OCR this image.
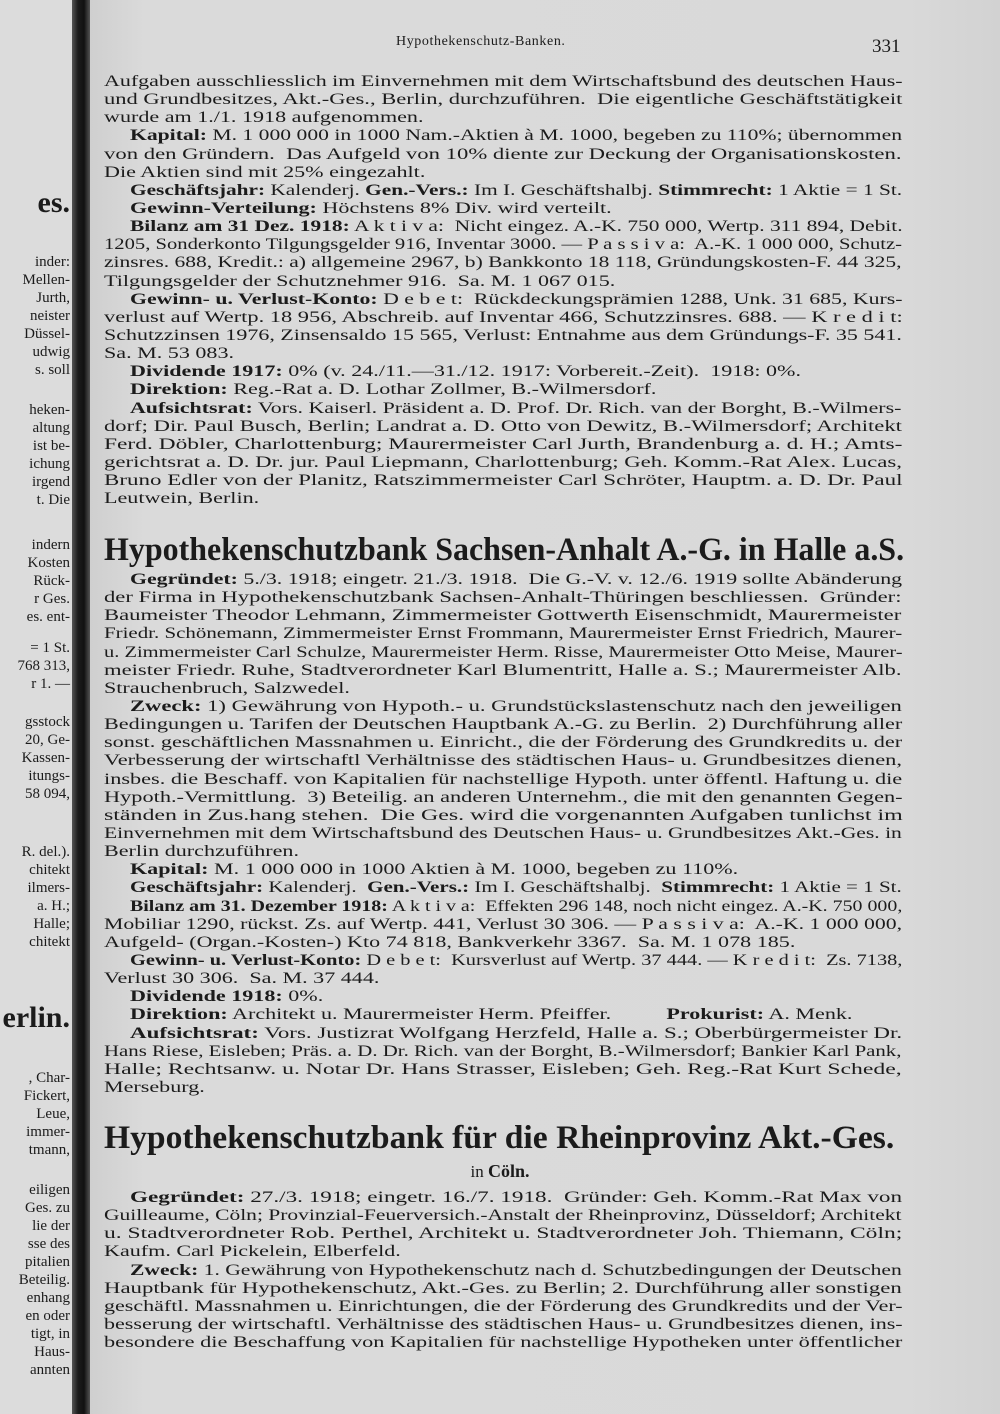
es.
inder:
Mellen-
Jurth,
neister
Düssel-
udwig
s. soll
heken-
altung
ist be-
ichung
irgend
t. Die
indern
Kosten
Rück-
r Ges.
es. ent-
= 1 St.
768 313,
r 1. —
gsstock
20, Ge-
Kassen-
itungs-
58 094,
R. del.).
chitekt
ilmers-
a. H.;
Halle;
chitekt
erlin.
, Char-
Fickert,
Leue,
immer-
tmann,
eiligen
Ges. zu
lie der
sse des
pitalien
Beteilig.
enhang
en oder
tigt, in
Haus-
annten
Hypothekenschutz-Banken.	331
Aufgaben ausschliesslich im Einvernehmen mit dem Wirtschaftsbund des deutschen Haus-
und Grundbesitzes, Akt.-Ges., Berlin, durchzuführen.  Die eigentliche Geschäftstätigkeit
wurde am 1./1. 1918 aufgenommen.
Kapital: M. 1 000 000 in 1000 Nam.-Aktien à M. 1000, begeben zu 110%; übernommen
von den Gründern.  Das Aufgeld von 10% diente zur Deckung der Organisationskosten.
Die Aktien sind mit 25% eingezahlt.
Geschäftsjahr: Kalenderj. Gen.-Vers.: Im I. Geschäftshalbj. Stimmrecht: 1 Aktie = 1 St.
Gewinn-Verteilung: Höchstens 8% Div. wird verteilt.
Bilanz am 31 Dez. 1918: A k t i v a:  Nicht eingez. A.-K. 750 000, Wertp. 311 894, Debit.
1205, Sonderkonto Tilgungsgelder 916, Inventar 3000. — P a s s i v a:  A.-K. 1 000 000, Schutz-
zinsres. 688, Kredit.: a) allgemeine 2967, b) Bankkonto 18 118, Gründungskosten-F. 44 325,
Tilgungsgelder der Schutznehmer 916.  Sa. M. 1 067 015.
Gewinn- u. Verlust-Konto: D e b e t:  Rückdeckungsprämien 1288, Unk. 31 685, Kurs-
verlust auf Wertp. 18 956, Abschreib. auf Inventar 466, Schutzzinsres. 688. — K r e d i t:
Schutzzinsen 1976, Zinsensaldo 15 565, Verlust: Entnahme aus dem Gründungs-F. 35 541.
Sa. M. 53 083.
Dividende 1917: 0% (v. 24./11.—31./12. 1917: Vorbereit.-Zeit).  1918: 0%.
Direktion: Reg.-Rat a. D. Lothar Zollmer, B.-Wilmersdorf.
Aufsichtsrat: Vors. Kaiserl. Präsident a. D. Prof. Dr. Rich. van der Borght, B.-Wilmers-
dorf; Dir. Paul Busch, Berlin; Landrat a. D. Otto von Dewitz, B.-Wilmersdorf; Architekt
Ferd. Döbler, Charlottenburg; Maurermeister Carl Jurth, Brandenburg a. d. H.; Amts-
gerichtsrat a. D. Dr. jur. Paul Liepmann, Charlottenburg; Geh. Komm.-Rat Alex. Lucas,
Bruno Edler von der Planitz, Ratszimmermeister Carl Schröter, Hauptm. a. D. Dr. Paul
Leutwein, Berlin.
Hypothekenschutzbank Sachsen-Anhalt A.-G. in Halle a.S.
Gegründet: 5./3. 1918; eingetr. 21./3. 1918.  Die G.-V. v. 12./6. 1919 sollte Abänderung
der Firma in Hypothekenschutzbank Sachsen-Anhalt-Thüringen beschliessen.  Gründer:
Baumeister Theodor Lehmann, Zimmermeister Gottwerth Eisenschmidt, Maurermeister
Friedr. Schönemann, Zimmermeister Ernst Frommann, Maurermeister Ernst Friedrich, Maurer-
u. Zimmermeister Carl Schulze, Maurermeister Herm. Risse, Maurermeister Otto Meise, Maurer-
meister Friedr. Ruhe, Stadtverordneter Karl Blumentritt, Halle a. S.; Maurermeister Alb.
Strauchenbruch, Salzwedel.
Zweck: 1) Gewährung von Hypoth.- u. Grundstückslastenschutz nach den jeweiligen
Bedingungen u. Tarifen der Deutschen Hauptbank A.-G. zu Berlin.  2) Durchführung aller
sonst. geschäftlichen Massnahmen u. Einricht., die der Förderung des Grundkredits u. der
Verbesserung der wirtschaftl Verhältnisse des städtischen Haus- u. Grundbesitzes dienen,
insbes. die Beschaff. von Kapitalien für nachstellige Hypoth. unter öffentl. Haftung u. die
Hypoth.-Vermittlung.  3) Beteilig. an anderen Unternehm., die mit den genannten Gegen-
ständen in Zus.hang stehen.  Die Ges. wird die vorgenannten Aufgaben tunlichst im
Einvernehmen mit dem Wirtschaftsbund des Deutschen Haus- u. Grundbesitzes Akt.-Ges. in
Berlin durchzuführen.
Kapital: M. 1 000 000 in 1000 Aktien à M. 1000, begeben zu 110%.
Geschäftsjahr: Kalenderj.  Gen.-Vers.: Im I. Geschäftshalbj.  Stimmrecht: 1 Aktie = 1 St.
Bilanz am 31. Dezember 1918: A k t i v a:  Effekten 296 148, noch nicht eingez. A.-K. 750 000,
Mobiliar 1290, rückst. Zs. auf Wertp. 441, Verlust 30 306. — P a s s i v a:  A.-K. 1 000 000,
Aufgeld- (Organ.-Kosten-) Kto 74 818, Bankverkehr 3367.  Sa. M. 1 078 185.
Gewinn- u. Verlust-Konto: D e b e t:  Kursverlust auf Wertp. 37 444. — K r e d i t:  Zs. 7138,
Verlust 30 306.  Sa. M. 37 444.
Dividende 1918: 0%.
Direktion: Architekt u. Maurermeister Herm. Pfeiffer.          Prokurist: A. Menk.
Aufsichtsrat: Vors. Justizrat Wolfgang Herzfeld, Halle a. S.; Oberbürgermeister Dr.
Hans Riese, Eisleben; Präs. a. D. Dr. Rich. van der Borght, B.-Wilmersdorf; Bankier Karl Pank,
Halle; Rechtsanw. u. Notar Dr. Hans Strasser, Eisleben; Geh. Reg.-Rat Kurt Schede,
Merseburg.
Hypothekenschutzbank für die Rheinprovinz Akt.-Ges.
in Cöln.
Gegründet: 27./3. 1918; eingetr. 16./7. 1918.  Gründer: Geh. Komm.-Rat Max von
Guilleaume, Cöln; Provinzial-Feuerversich.-Anstalt der Rheinprovinz, Düsseldorf; Architekt
u. Stadtverordneter Rob. Perthel, Architekt u. Stadtverordneter Joh. Thiemann, Cöln;
Kaufm. Carl Pickelein, Elberfeld.
Zweck: 1. Gewährung von Hypothekenschutz nach d. Schutzbedingungen der Deutschen
Hauptbank für Hypothekenschutz, Akt.-Ges. zu Berlin; 2. Durchführung aller sonstigen
geschäftl. Massnahmen u. Einrichtungen, die der Förderung des Grundkredits und der Ver-
besserung der wirtschaftl. Verhältnisse des städtischen Haus- u. Grundbesitzes dienen, ins-
besondere die Beschaffung von Kapitalien für nachstellige Hypotheken unter öffentlicher
